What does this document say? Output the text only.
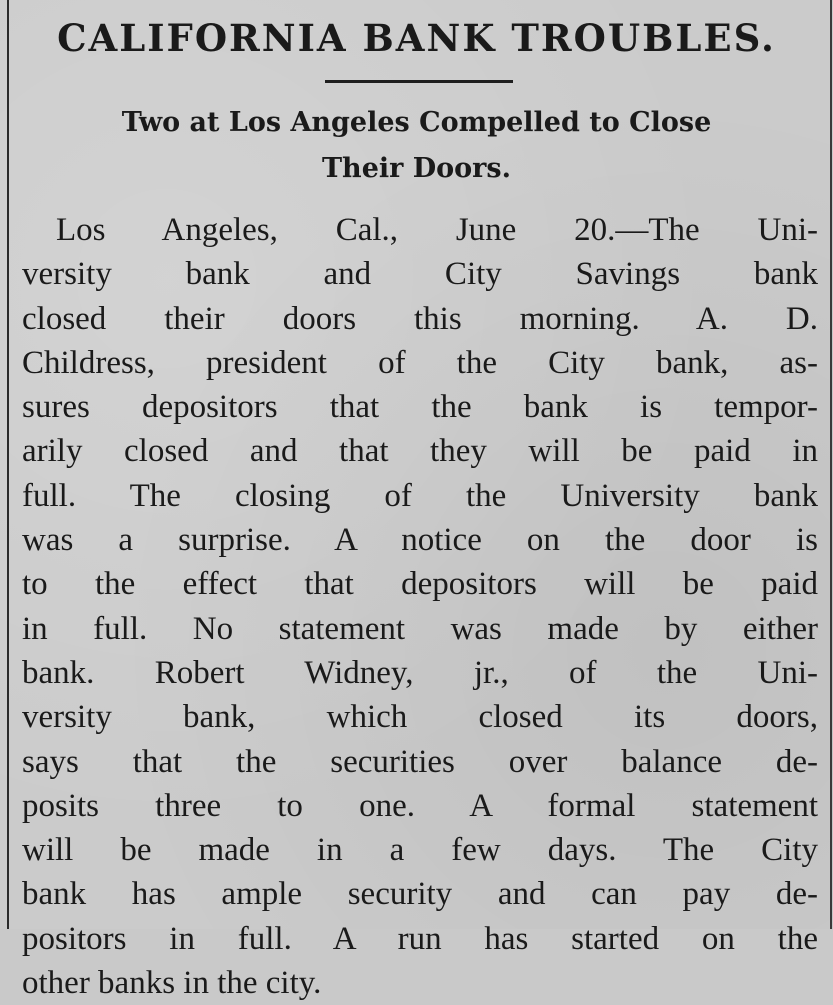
CALIFORNIA BANK TROUBLES.
Two at Los Angeles Compelled to Close
Their Doors.
Los Angeles, Cal., June 20.—The Uni-
versity bank and City Savings bank
closed their doors this morning. A. D.
Childress, president of the City bank, as-
sures depositors that the bank is tempor-
arily closed and that they will be paid in
full. The closing of the University bank
was a surprise. A notice on the door is
to the effect that depositors will be paid
in full. No statement was made by either
bank. Robert Widney, jr., of the Uni-
versity bank, which closed its doors,
says that the securities over balance de-
posits three to one. A formal statement
will be made in a few days. The City
bank has ample security and can pay de-
positors in full. A run has started on the
other banks in the city.
